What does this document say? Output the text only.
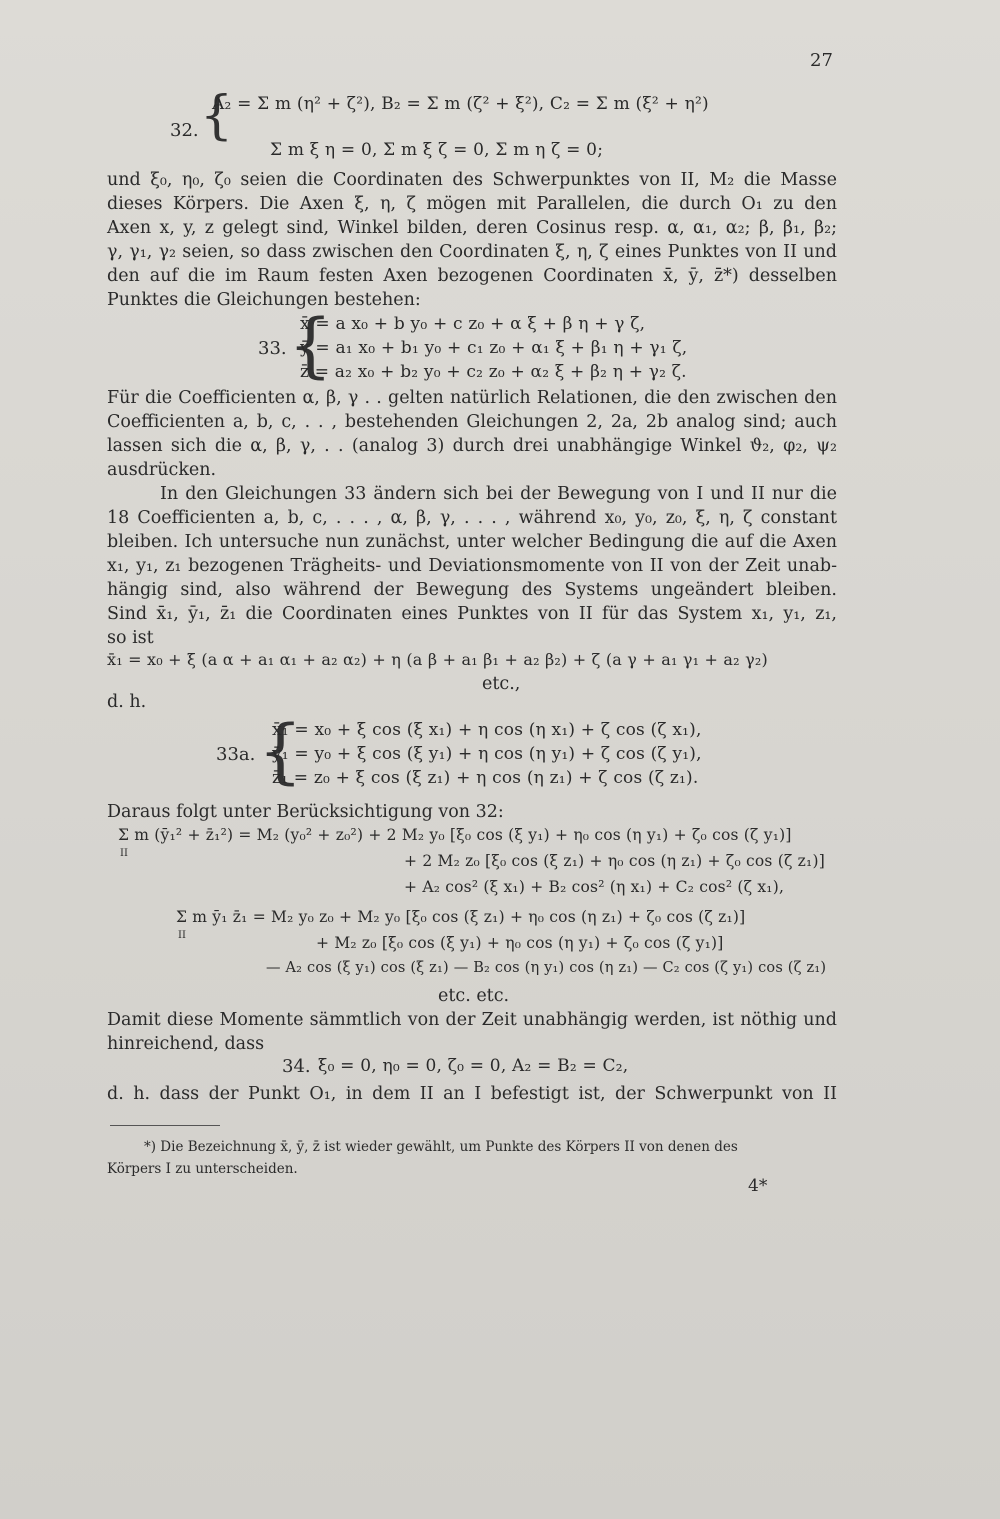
27
32. {
A₂ = Σ m (η² + ζ²), B₂ = Σ m (ζ² + ξ²), C₂ = Σ m (ξ² + η²)
Σ m ξ η = 0, Σ m ξ ζ = 0, Σ m η ζ = 0;
und ξ₀, η₀, ζ₀ seien die Coordinaten des Schwerpunktes von II, M₂ die Masse
dieses Körpers. Die Axen ξ, η, ζ mögen mit Parallelen, die durch O₁ zu den
Axen x, y, z gelegt sind, Winkel bilden, deren Cosinus resp. α, α₁, α₂; β, β₁, β₂;
γ, γ₁, γ₂ seien, so dass zwischen den Coordinaten ξ, η, ζ eines Punktes von II und
den auf die im Raum festen Axen bezogenen Coordinaten x̄, ȳ, z̄*) desselben
Punktes die Gleichungen bestehen:
33. {
x̄ = a x₀ + b y₀ + c z₀ + α ξ + β η + γ ζ,
ȳ = a₁ x₀ + b₁ y₀ + c₁ z₀ + α₁ ξ + β₁ η + γ₁ ζ,
z̄ = a₂ x₀ + b₂ y₀ + c₂ z₀ + α₂ ξ + β₂ η + γ₂ ζ.
Für die Coefficienten α, β, γ . . gelten natürlich Relationen, die den zwischen den
Coefficienten a, b, c, . . , bestehenden Gleichungen 2, 2a, 2b analog sind; auch
lassen sich die α, β, γ, . . (analog 3) durch drei unabhängige Winkel ϑ₂, φ₂, ψ₂
ausdrücken.
In den Gleichungen 33 ändern sich bei der Bewegung von I und II nur die
18 Coefficienten a, b, c, . . . , α, β, γ, . . . , während x₀, y₀, z₀, ξ, η, ζ constant
bleiben. Ich untersuche nun zunächst, unter welcher Bedingung die auf die Axen
x₁, y₁, z₁ bezogenen Trägheits- und Deviationsmomente von II von der Zeit unab-
hängig sind, also während der Bewegung des Systems ungeändert bleiben.
Sind x̄₁, ȳ₁, z̄₁ die Coordinaten eines Punktes von II für das System x₁, y₁, z₁,
so ist
x̄₁ = x₀ + ξ (a α + a₁ α₁ + a₂ α₂) + η (a β + a₁ β₁ + a₂ β₂) + ζ (a γ + a₁ γ₁ + a₂ γ₂)
etc.,
d. h.
33a. {
x̄₁ = x₀ + ξ cos (ξ x₁) + η cos (η x₁) + ζ cos (ζ x₁),
ȳ₁ = y₀ + ξ cos (ξ y₁) + η cos (η y₁) + ζ cos (ζ y₁),
z̄₁ = z₀ + ξ cos (ξ z₁) + η cos (η z₁) + ζ cos (ζ z₁).
Daraus folgt unter Berücksichtigung von 32:
Σ m (ȳ₁² + z̄₁²) = M₂ (y₀² + z₀²) + 2 M₂ y₀ [ξ₀ cos (ξ y₁) + η₀ cos (η y₁) + ζ₀ cos (ζ y₁)]
II	+ 2 M₂ z₀ [ξ₀ cos (ξ z₁) + η₀ cos (η z₁) + ζ₀ cos (ζ z₁)]
+ A₂ cos² (ξ x₁) + B₂ cos² (η x₁) + C₂ cos² (ζ x₁),
Σ m ȳ₁ z̄₁ = M₂ y₀ z₀ + M₂ y₀ [ξ₀ cos (ξ z₁) + η₀ cos (η z₁) + ζ₀ cos (ζ z₁)]
II	+ M₂ z₀ [ξ₀ cos (ξ y₁) + η₀ cos (η y₁) + ζ₀ cos (ζ y₁)]
— A₂ cos (ξ y₁) cos (ξ z₁) — B₂ cos (η y₁) cos (η z₁) — C₂ cos (ζ y₁) cos (ζ z₁)
etc. etc.
Damit diese Momente sämmtlich von der Zeit unabhängig werden, ist nöthig und
hinreichend, dass
34. ξ₀ = 0, η₀ = 0, ζ₀ = 0, A₂ = B₂ = C₂,
d. h. dass der Punkt O₁, in dem II an I befestigt ist, der Schwerpunkt von II
*) Die Bezeichnung x̄, ȳ, z̄ ist wieder gewählt, um Punkte des Körpers II von denen des
Körpers I zu unterscheiden.
4*
